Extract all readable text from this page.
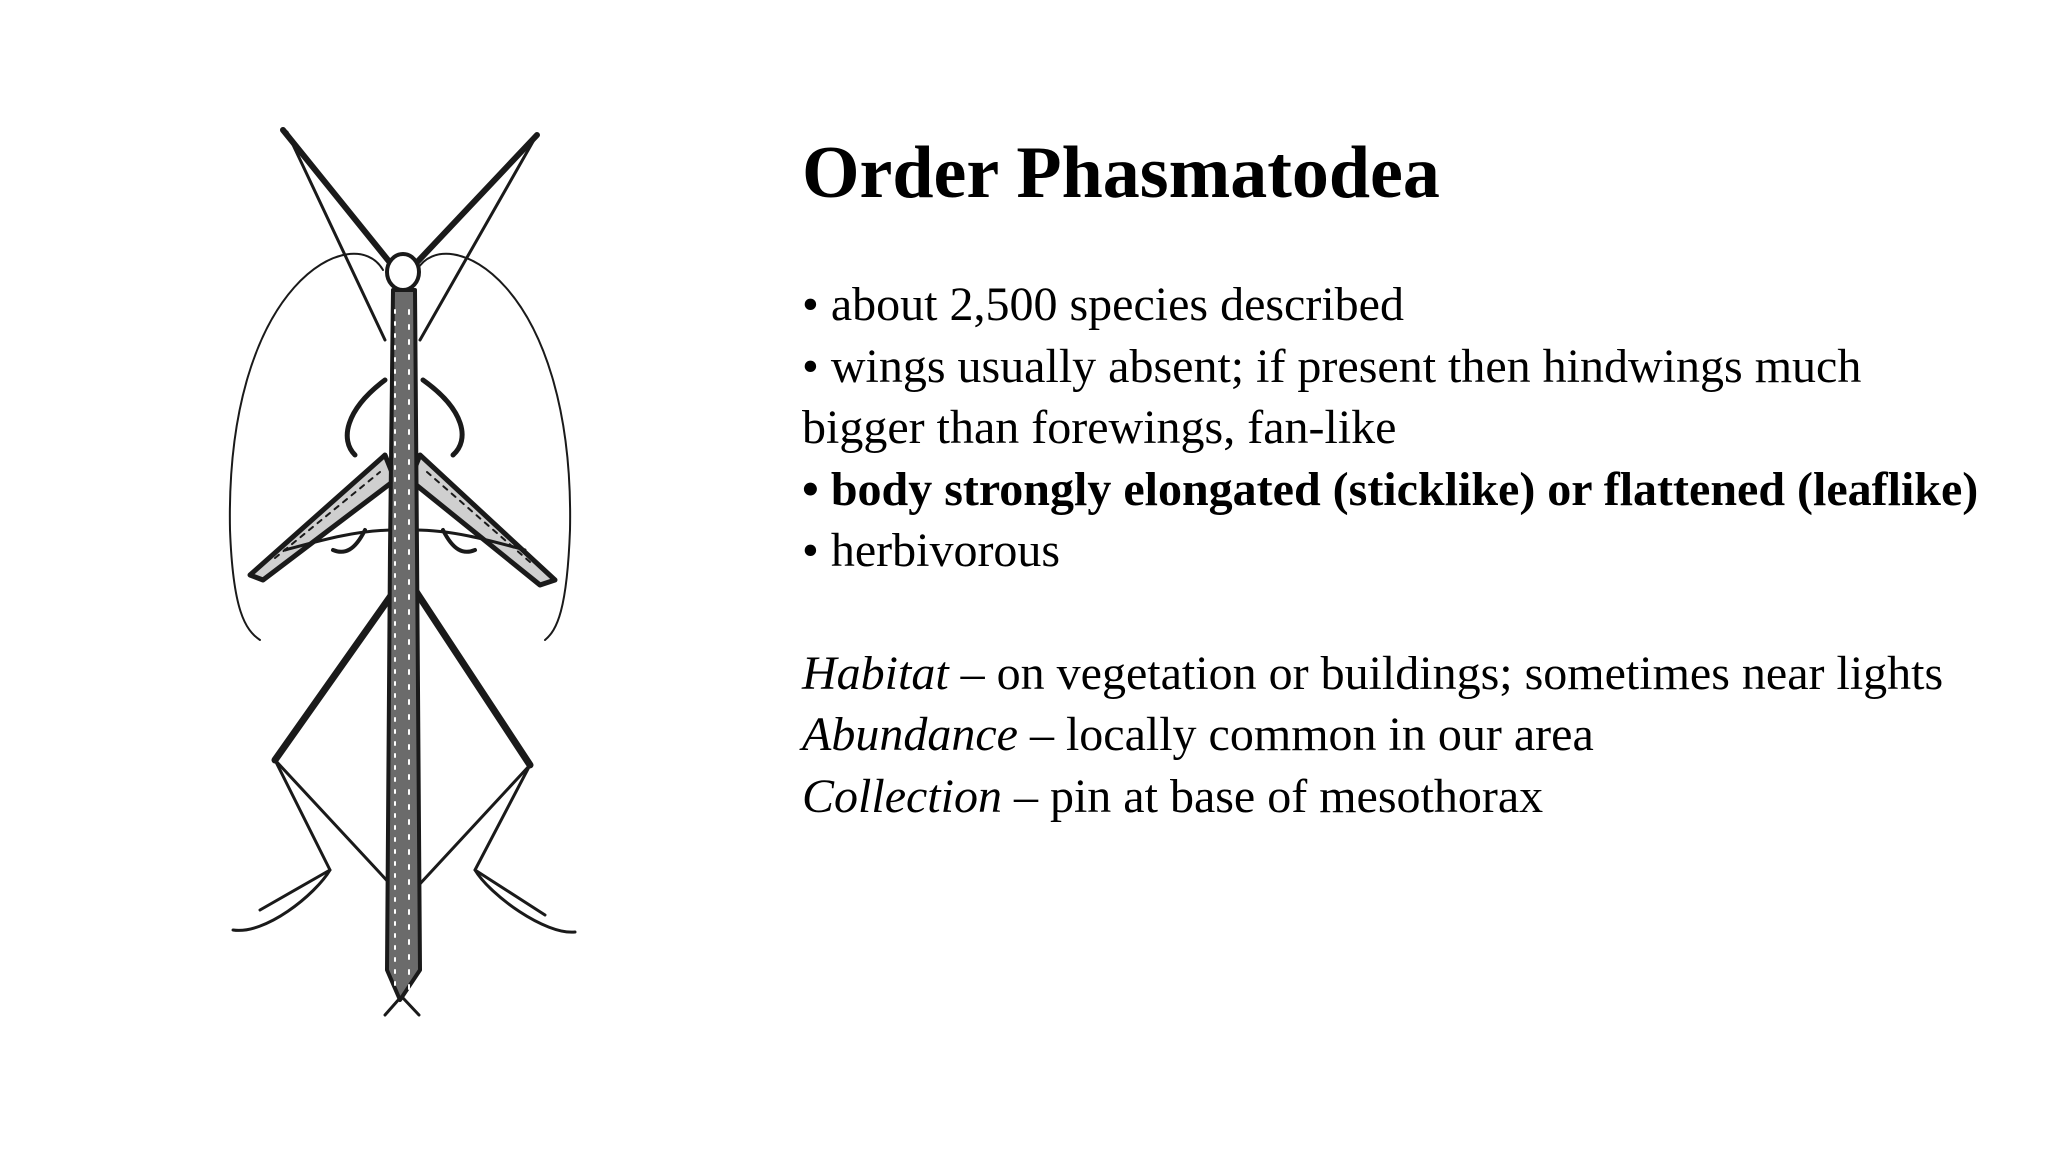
Order Phasmatodea
• about 2,500 species described
• wings usually absent; if present then hindwings much bigger than forewings, fan-like
• body strongly elongated (sticklike) or flattened (leaflike)
• herbivorous
Habitat – on vegetation or buildings; sometimes near lights
Abundance – locally common in our area
Collection – pin at base of mesothorax
